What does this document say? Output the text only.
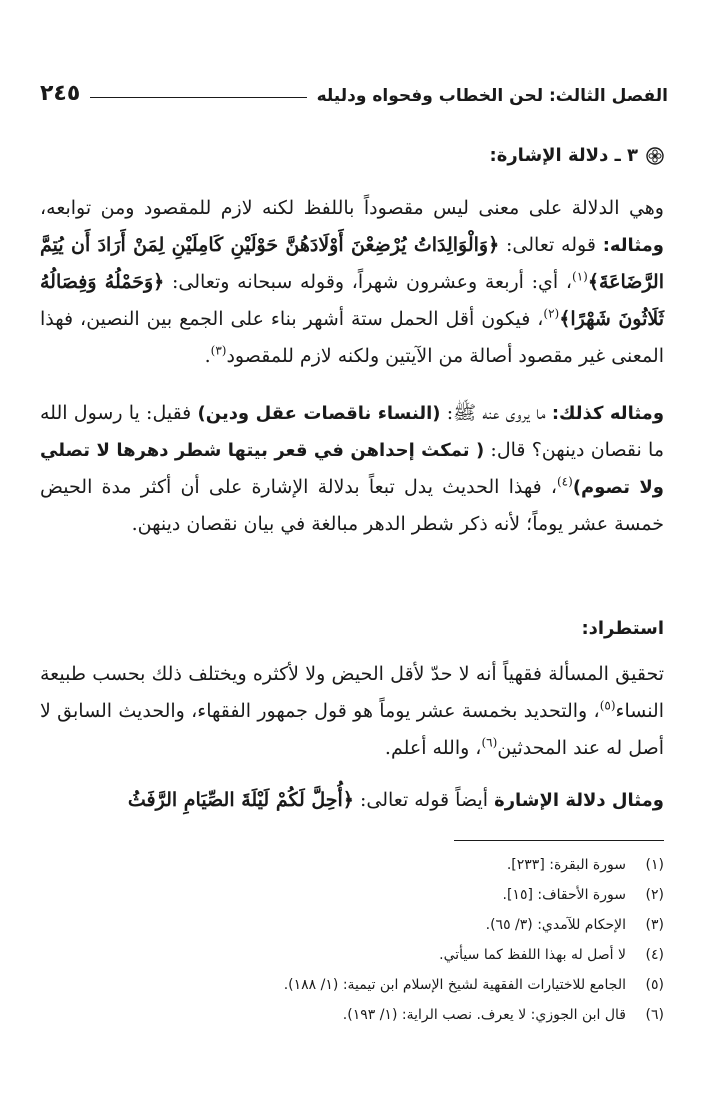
الفصل الثالث: لحن الخطاب وفحواه ودليله
٢٤٥
٣ ـ دلالة الإشارة:
وهي الدلالة على معنى ليس مقصوداً باللفظ لكنه لازم للمقصود ومن توابعه، ومثاله: قوله تعالى: ﴿وَالْوَالِدَاتُ يُرْضِعْنَ أَوْلَادَهُنَّ حَوْلَيْنِ كَامِلَيْنِ لِمَنْ أَرَادَ أَن يُتِمَّ الرَّضَاعَةَ﴾$^{(١)}$، أي: أربعة وعشرون شهراً، وقوله سبحانه وتعالى: ﴿وَحَمْلُهُ وَفِصَالُهُ ثَلَاثُونَ شَهْرًا﴾$^{(٢)}$، فيكون أقل الحمل ستة أشهر بناء على الجمع بين النصين، فهذا المعنى غير مقصود أصالة من الآيتين ولكنه لازم للمقصود$^{(٣)}$.
ومثاله كذلك: ما يروى عنه ﷺ: (النساء ناقصات عقل ودين) فقيل: يا رسول الله ما نقصان دينهن؟ قال: ( تمكث إحداهن في قعر بيتها شطر دهرها لا تصلي ولا تصوم)$^{(٤)}$، فهذا الحديث يدل تبعاً بدلالة الإشارة على أن أكثر مدة الحيض خمسة عشر يوماً؛ لأنه ذكر شطر الدهر مبالغة في بيان نقصان دينهن.
استطراد:
تحقيق المسألة فقهياً أنه لا حدّ لأقل الحيض ولا لأكثره ويختلف ذلك بحسب طبيعة النساء$^{(٥)}$، والتحديد بخمسة عشر يوماً هو قول جمهور الفقهاء، والحديث السابق لا أصل له عند المحدثين$^{(٦)}$، والله أعلم.
ومثال دلالة الإشارة أيضاً قوله تعالى: ﴿أُحِلَّ لَكُمْ لَيْلَةَ الصِّيَامِ الرَّفَثُ
(١)
سورة البقرة: [٢٣٣].
(٢)
سورة الأحقاف: [١٥].
(٣)
الإحكام للآمدي: (٣/ ٦٥).
(٤)
لا أصل له بهذا اللفظ كما سيأتي.
(٥)
الجامع للاختيارات الفقهية لشيخ الإسلام ابن تيمية: (١/ ١٨٨).
(٦)
قال ابن الجوزي: لا يعرف. نصب الراية: (١/ ١٩٣).
